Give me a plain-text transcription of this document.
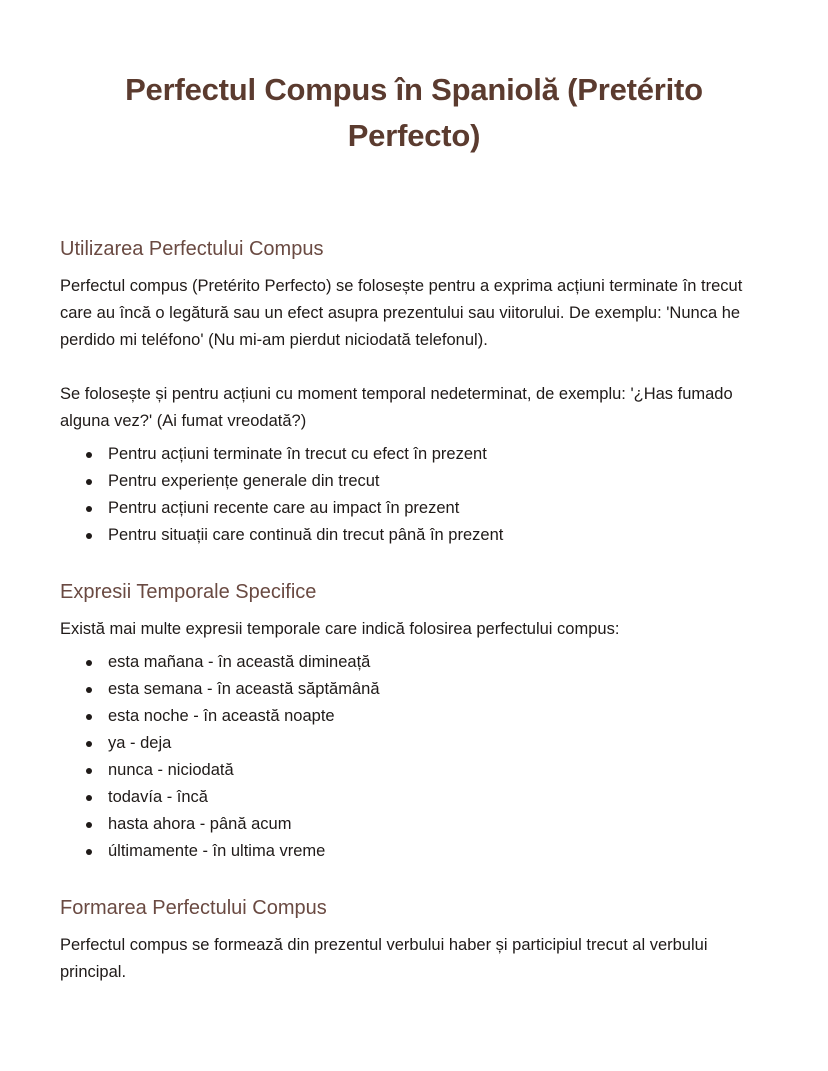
Perfectul Compus în Spaniolă (Pretérito Perfecto)
Utilizarea Perfectului Compus

Perfectul compus (Pretérito Perfecto) se folosește pentru a exprima acțiuni terminate în trecut care au încă o legătură sau un efect asupra prezentului sau viitorului. De exemplu: 'Nunca he perdido mi teléfono' (Nu mi-am pierdut niciodată telefonul).

Se folosește și pentru acțiuni cu moment temporal nedeterminat, de exemplu: '¿Has fumado alguna vez?' (Ai fumat vreodată?)

Pentru acțiuni terminate în trecut cu efect în prezent
Pentru experiențe generale din trecut
Pentru acțiuni recente care au impact în prezent
Pentru situații care continuă din trecut până în prezent
Expresii Temporale Specifice

Există mai multe expresii temporale care indică folosirea perfectului compus:

esta mañana - în această dimineață
esta semana - în această săptămână
esta noche - în această noapte
ya - deja
nunca - niciodată
todavía - încă
hasta ahora - până acum
últimamente - în ultima vreme
Formarea Perfectului Compus

Perfectul compus se formează din prezentul verbului haber și participiul trecut al verbului principal.
